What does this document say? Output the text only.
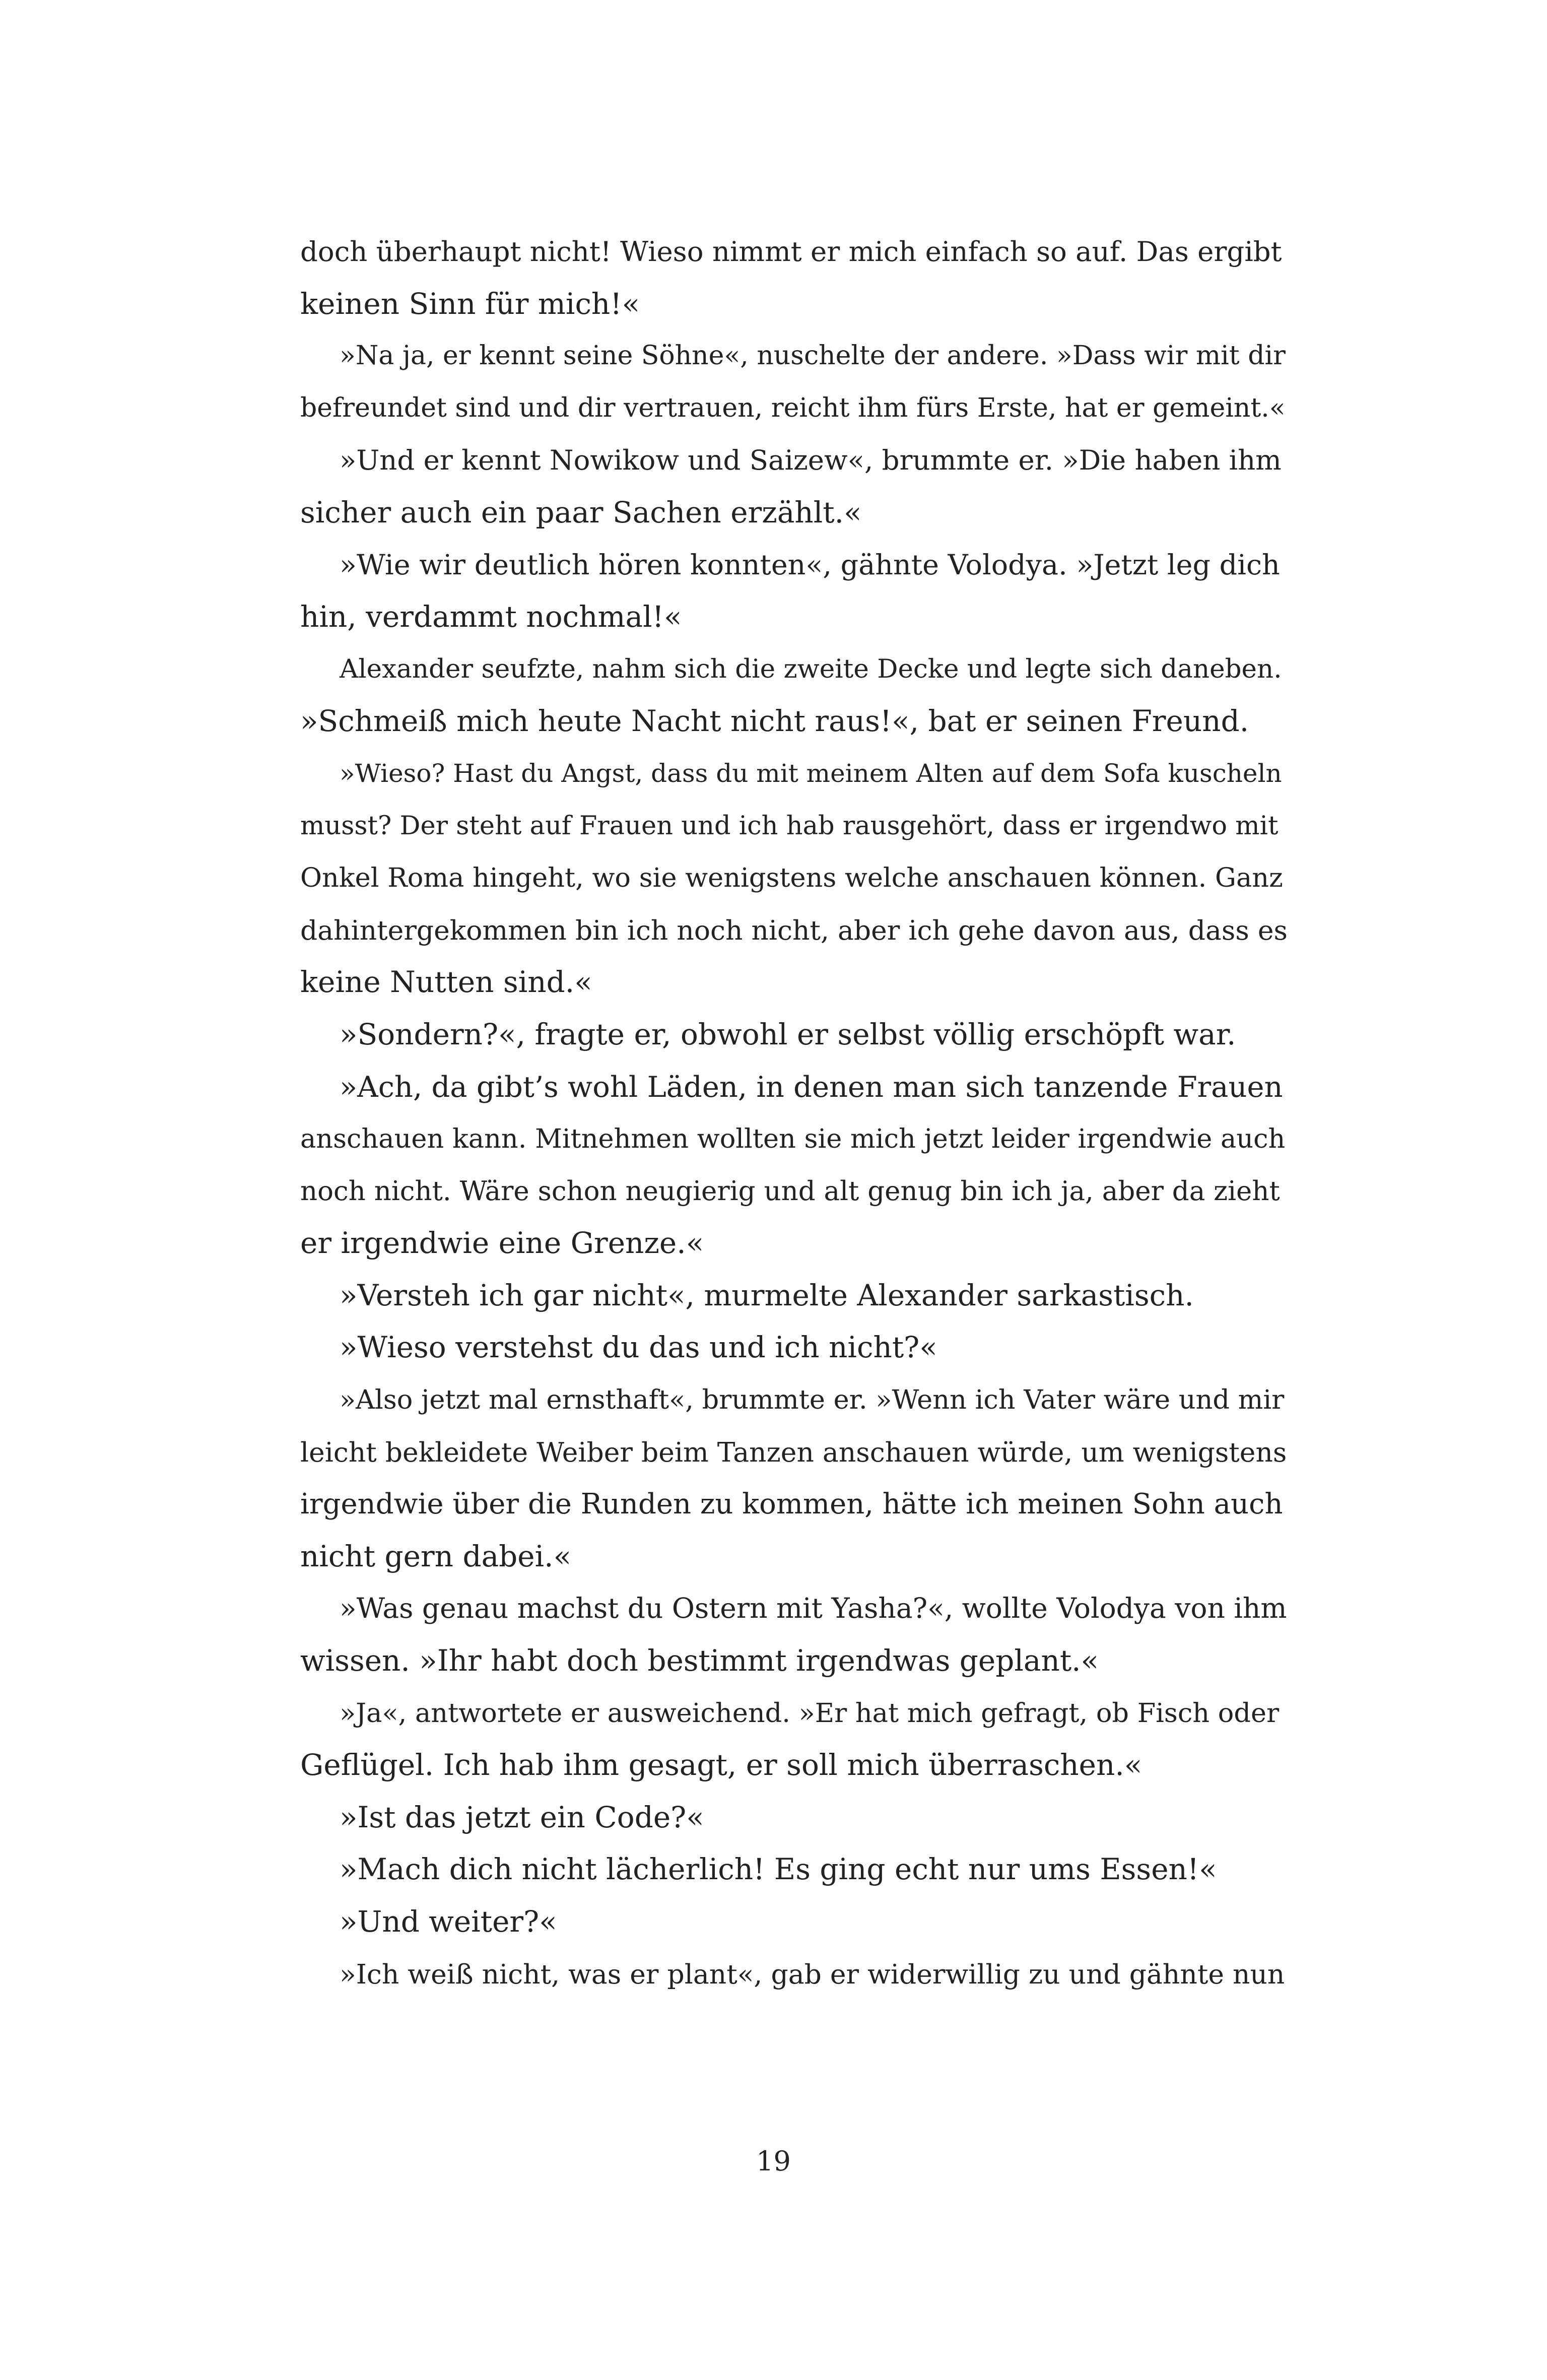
doch überhaupt nicht! Wieso nimmt er mich einfach so auf. Das ergibt
keinen Sinn für mich!«
»Na ja, er kennt seine Söhne«, nuschelte der andere. »Dass wir mit dir
befreundet sind und dir vertrauen, reicht ihm fürs Erste, hat er gemeint.«
»Und er kennt Nowikow und Saizew«, brummte er. »Die haben ihm
sicher auch ein paar Sachen erzählt.«
»Wie wir deutlich hören konnten«, gähnte Volodya. »Jetzt leg dich
hin, verdammt nochmal!«
Alexander seufzte, nahm sich die zweite Decke und legte sich daneben.
»Schmeiß mich heute Nacht nicht raus!«, bat er seinen Freund.
»Wieso? Hast du Angst, dass du mit meinem Alten auf dem Sofa kuscheln
musst? Der steht auf Frauen und ich hab rausgehört, dass er irgendwo mit
Onkel Roma hingeht, wo sie wenigstens welche anschauen können. Ganz
dahintergekommen bin ich noch nicht, aber ich gehe davon aus, dass es
keine Nutten sind.«
»Sondern?«, fragte er, obwohl er selbst völlig erschöpft war.
»Ach, da gibt’s wohl Läden, in denen man sich tanzende Frauen
anschauen kann. Mitnehmen wollten sie mich jetzt leider irgendwie auch
noch nicht. Wäre schon neugierig und alt genug bin ich ja, aber da zieht
er irgendwie eine Grenze.«
»Versteh ich gar nicht«, murmelte Alexander sarkastisch.
»Wieso verstehst du das und ich nicht?«
»Also jetzt mal ernsthaft«, brummte er. »Wenn ich Vater wäre und mir
leicht bekleidete Weiber beim Tanzen anschauen würde, um wenigstens
irgendwie über die Runden zu kommen, hätte ich meinen Sohn auch
nicht gern dabei.«
»Was genau machst du Ostern mit Yasha?«, wollte Volodya von ihm
wissen. »Ihr habt doch bestimmt irgendwas geplant.«
»Ja«, antwortete er ausweichend. »Er hat mich gefragt, ob Fisch oder
Geflügel. Ich hab ihm gesagt, er soll mich überraschen.«
»Ist das jetzt ein Code?«
»Mach dich nicht lächerlich! Es ging echt nur ums Essen!«
»Und weiter?«
»Ich weiß nicht, was er plant«, gab er widerwillig zu und gähnte nun
19
